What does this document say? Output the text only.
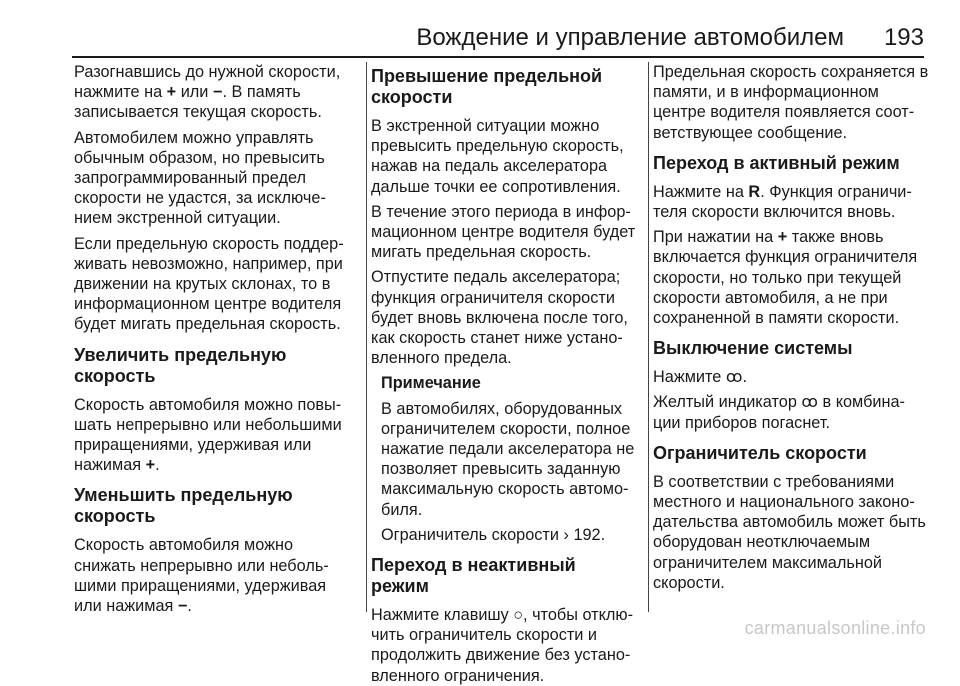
Вождение и управление автомобилем 193

Разогнавшись до нужной скорости, нажмите на + или −. В память записывается текущая скорость.

Автомобилем можно управлять обычным образом, но превысить запрограммированный предел скорости не удастся, за исключе-нием экстренной ситуации.

Если предельную скорость поддер-живать невозможно, например, при движении на крутых склонах, то в информационном центре водителя будет мигать предельная скорость.

Увеличить предельную скорость

Скорость автомобиля можно повы-шать непрерывно или небольшими приращениями, удерживая или нажимая +.

Уменьшить предельную скорость

Скорость автомобиля можно снижать непрерывно или неболь-шими приращениями, удерживая или нажимая −.

Превышение предельной скорости

В экстренной ситуации можно превысить предельную скорость, нажав на педаль акселератора дальше точки ее сопротивления.

В течение этого периода в инфор-мационном центре водителя будет мигать предельная скорость.

Отпустите педаль акселератора; функция ограничителя скорости будет вновь включена после того, как скорость станет ниже устано-вленного предела.

Примечание

В автомобилях, оборудованных ограничителем скорости, полное нажатие педали акселератора не позволяет превысить заданную максимальную скорость автомо-биля.

Ограничитель скорости › 192.

Переход в неактивный режим

Нажмите клавишу ○, чтобы отклю-чить ограничитель скорости и продолжить движение без устано-вленного ограничения.

Предельная скорость сохраняется в памяти, и в информационном центре водителя появляется соот-ветствующее сообщение.

Переход в активный режим

Нажмите на R. Функция ограничи-теля скорости включится вновь.

При нажатии на + также вновь включается функция ограничителя скорости, но только при текущей скорости автомобиля, а не при сохраненной в памяти скорости.

Выключение системы

Нажмите ꝏ.

Желтый индикатор ꝏ в комбина-ции приборов погаснет.

Ограничитель скорости

В соответствии с требованиями местного и национального законо-дательства автомобиль может быть оборудован неотключаемым ограничителем максимальной скорости.

carmanualsonline.info
